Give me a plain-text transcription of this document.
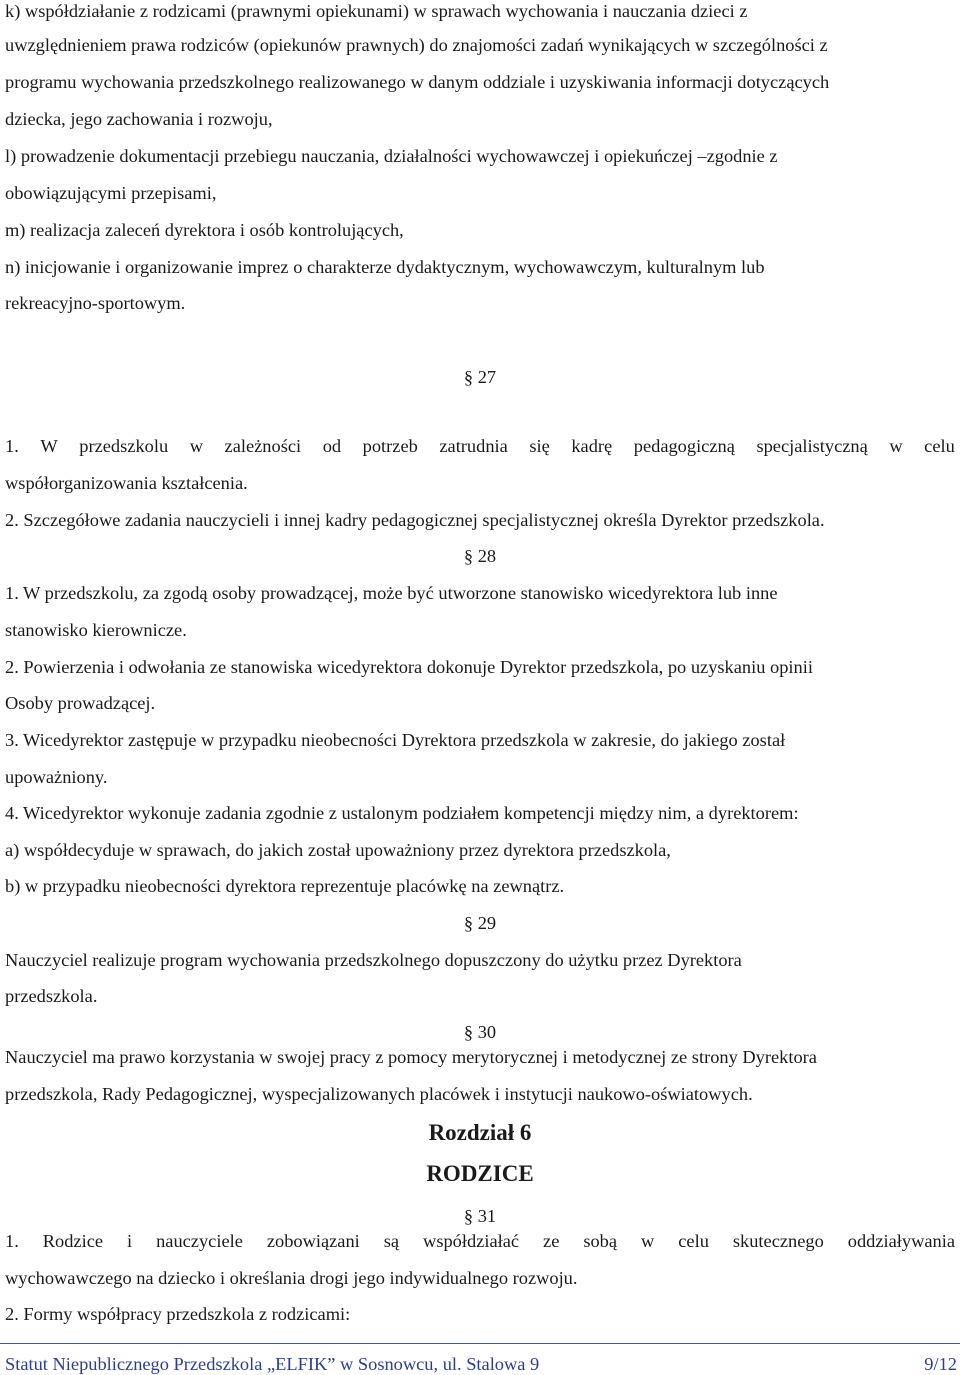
k) współdziałanie z rodzicami (prawnymi opiekunami) w sprawach wychowania i nauczania dzieci z

uwzględnieniem prawa rodziców (opiekunów prawnych) do znajomości zadań wynikających w szczególności z

programu wychowania przedszkolnego realizowanego w danym oddziale i uzyskiwania informacji dotyczących

dziecka, jego zachowania i rozwoju,

l) prowadzenie dokumentacji przebiegu nauczania, działalności wychowawczej i opiekuńczej –zgodnie z

obowiązującymi przepisami,

m) realizacja zaleceń dyrektora i osób kontrolujących,

n) inicjowanie i organizowanie imprez o charakterze dydaktycznym, wychowawczym, kulturalnym lub

rekreacyjno-sportowym.

§ 27

1. W przedszkolu w zależności od potrzeb zatrudnia się kadrę pedagogiczną specjalistyczną w celu

współorganizowania kształcenia.

2. Szczegółowe zadania nauczycieli i innej kadry pedagogicznej specjalistycznej określa Dyrektor przedszkola.

§ 28

1. W przedszkolu, za zgodą osoby prowadzącej, może być utworzone stanowisko wicedyrektora lub inne

stanowisko kierownicze.

2. Powierzenia i odwołania ze stanowiska wicedyrektora dokonuje Dyrektor przedszkola, po uzyskaniu opinii

Osoby prowadzącej.

3. Wicedyrektor zastępuje w przypadku nieobecności Dyrektora przedszkola w zakresie, do jakiego został

upoważniony.

4. Wicedyrektor wykonuje zadania zgodnie z ustalonym podziałem kompetencji między nim, a dyrektorem:

a) współdecyduje w sprawach, do jakich został upoważniony przez dyrektora przedszkola,

b) w przypadku nieobecności dyrektora reprezentuje placówkę na zewnątrz.

§ 29

Nauczyciel realizuje program wychowania przedszkolnego dopuszczony do użytku przez Dyrektora

przedszkola.

§ 30

Nauczyciel ma prawo korzystania w swojej pracy z pomocy merytorycznej i metodycznej ze strony Dyrektora

przedszkola, Rady Pedagogicznej, wyspecjalizowanych placówek i instytucji naukowo-oświatowych.

Rozdział 6

RODZICE

§ 31

1. Rodzice i nauczyciele zobowiązani są współdziałać ze sobą w celu skutecznego oddziaływania

wychowawczego na dziecko i określania drogi jego indywidualnego rozwoju.

2. Formy współpracy przedszkola z rodzicami:

Statut Niepublicznego Przedszkola „ELFIK” w Sosnowcu, ul. Stalowa 9	9/12
